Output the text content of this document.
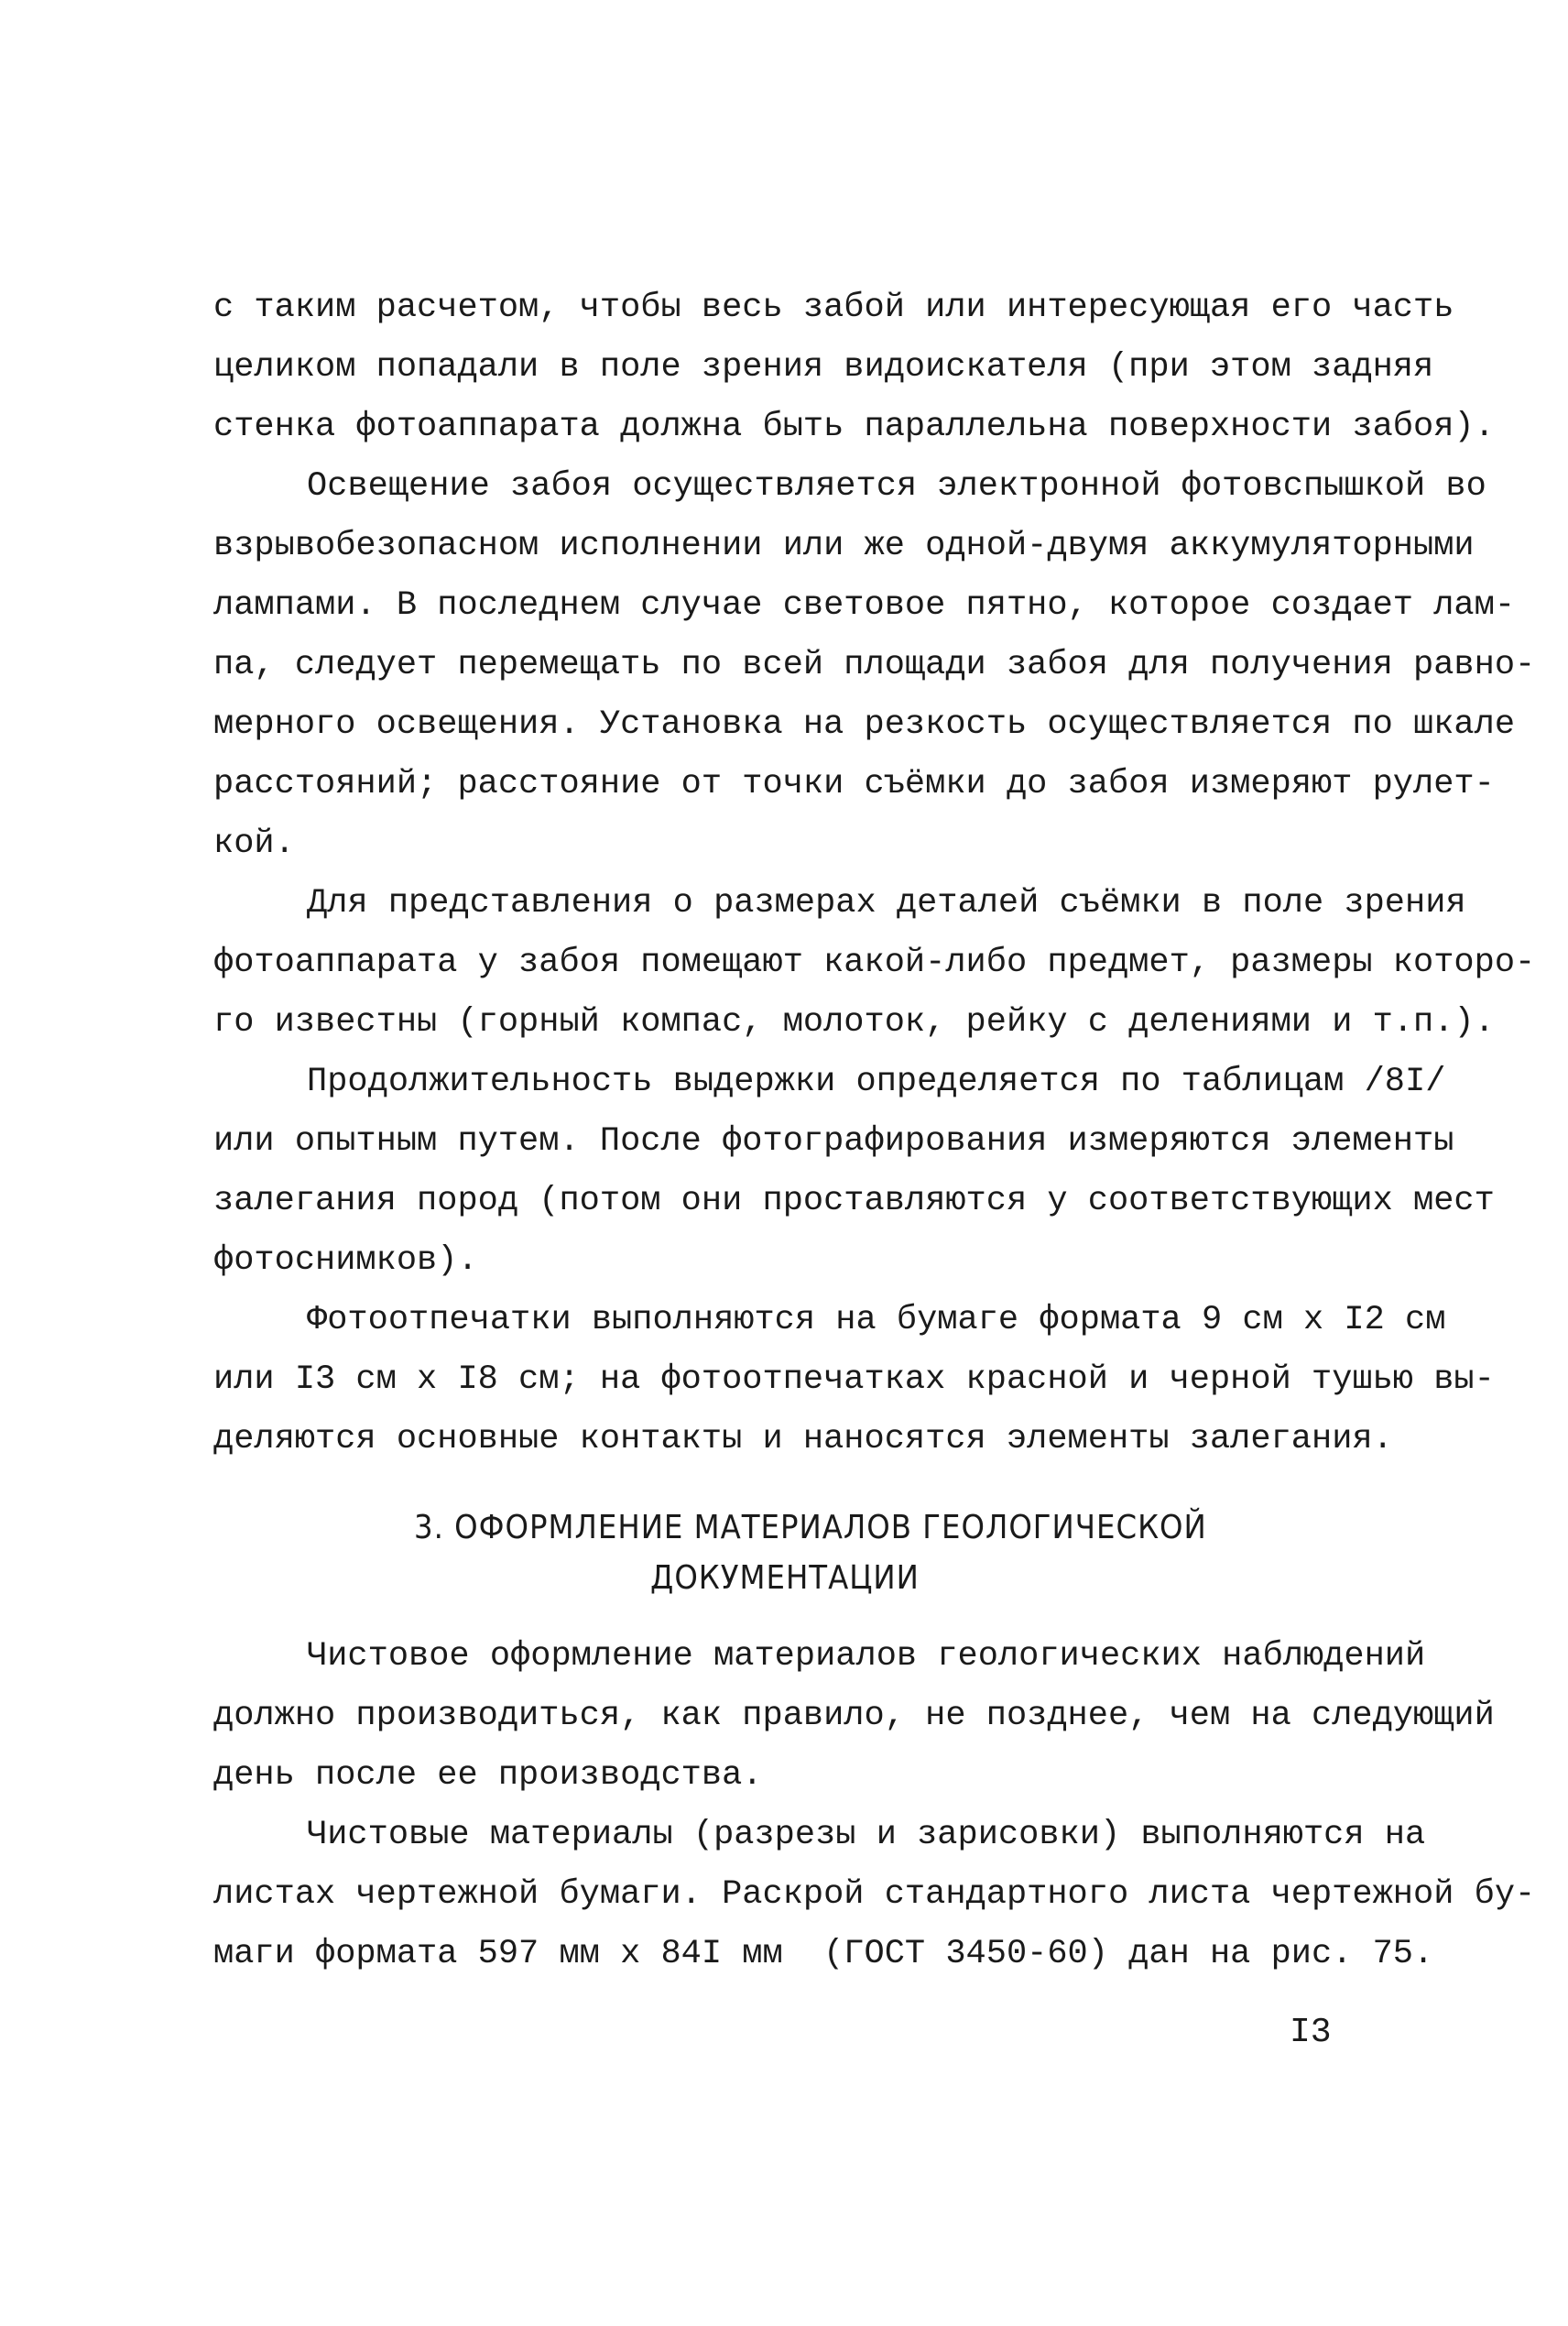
с таким расчетом, чтобы весь забой или интересующая его часть
целиком попадали в поле зрения видоискателя (при этом задняя
стенка фотоаппарата должна быть параллельна поверхности забоя).
Освещение забоя осуществляется электронной фотовспышкой во
взрывобезопасном исполнении или же одной-двумя аккумуляторными
лампами. В последнем случае световое пятно, которое создает лам-
па, следует перемещать по всей площади забоя для получения равно-
мерного освещения. Установка на резкость осуществляется по шкале
расстояний; расстояние от точки съёмки до забоя измеряют рулет-
кой.
Для представления о размерах деталей съёмки в поле зрения
фотоаппарата у забоя помещают какой-либо предмет, размеры которо-
го известны (горный компас, молоток, рейку с делениями и т.п.).
Продолжительность выдержки определяется по таблицам /8I/
или опытным путем. После фотографирования измеряются элементы
залегания пород (потом они проставляются у соответствующих мест
фотоснимков).
Фотоотпечатки выполняются на бумаге формата 9 см х I2 см
или I3 см х I8 см; на фотоотпечатках красной и черной тушью вы-
деляются основные контакты и наносятся элементы залегания.
3. ОФОРМЛЕНИЕ МАТЕРИАЛОВ ГЕОЛОГИЧЕСКОЙ
ДОКУМЕНТАЦИИ
Чистовое оформление материалов геологических наблюдений
должно производиться, как правило, не позднее, чем на следующий
день после ее производства.
Чистовые материалы (разрезы и зарисовки) выполняются на
листах чертежной бумаги. Раскрой стандартного листа чертежной бу-
маги формата 597 мм х 84I мм  (ГОСТ 3450-60) дан на рис. 75.
I3
